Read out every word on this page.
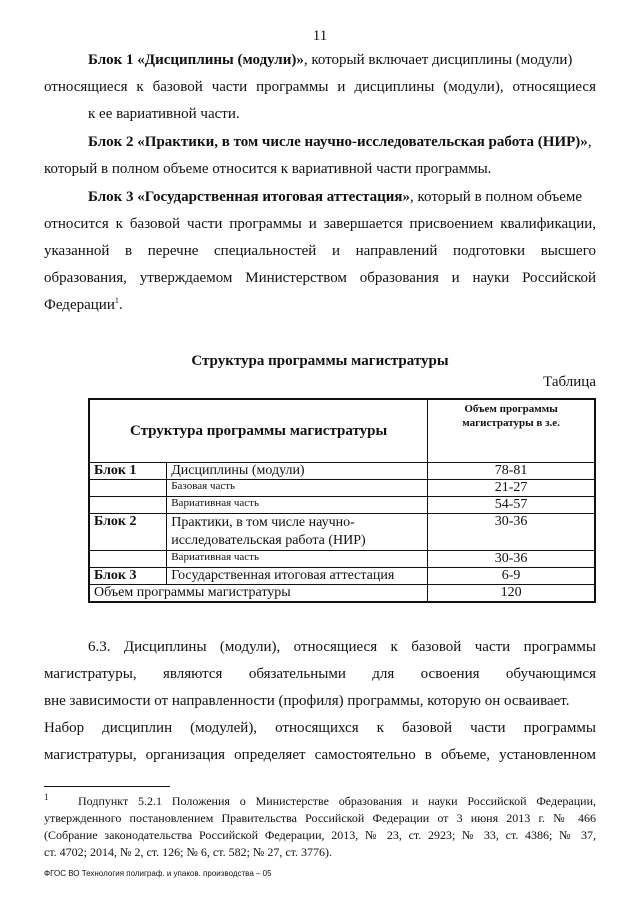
11
Блок 1 «Дисциплины (модули)», который включает дисциплины (модули)
относящиеся к базовой части программы и дисциплины (модули), относящиеся
к ее вариативной части.
Блок 2 «Практики, в том числе научно-исследовательская работа (НИР)»,
который в полном объеме относится к вариативной части программы.
Блок 3 «Государственная итоговая аттестация», который в полном объеме
относится к базовой части программы и завершается присвоением квалификации,
указанной в перечне специальностей и направлений подготовки высшего
образования, утверждаемом Министерством образования и науки Российской
Федерации$^1$.
Структура программы магистратуры
Таблица
Структура программы магистратуры		Объем программы магистратуры в з.е.
Блок 1	Дисциплины (модули)	78-81
	Базовая часть	21-27
	Вариативная часть	54-57
Блок 2	Практики, в том числе научно-исследовательская работа (НИР)	30-36
	Вариативная часть	30-36
Блок 3	Государственная итоговая аттестация	6-9
Объем программы магистратуры		120
6.3. Дисциплины (модули), относящиеся к базовой части программы
магистратуры, являются обязательными для освоения обучающимся
вне зависимости от направленности (профиля) программы, которую он осваивает.
Набор дисциплин (модулей), относящихся к базовой части программы
магистратуры, организация определяет самостоятельно в объеме, установленном
$^1$ Подпункт 5.2.1 Положения о Министерстве образования и науки Российской Федерации,
утвержденного постановлением Правительства Российской Федерации от 3 июня 2013 г. № 466
(Собрание законодательства Российской Федерации, 2013, № 23, ст. 2923; № 33, ст. 4386; № 37,
ст. 4702; 2014, № 2, ст. 126; № 6, ст. 582; № 27, ст. 3776).
ФГОС ВО Технология полиграф. и упаков. производства – 05
